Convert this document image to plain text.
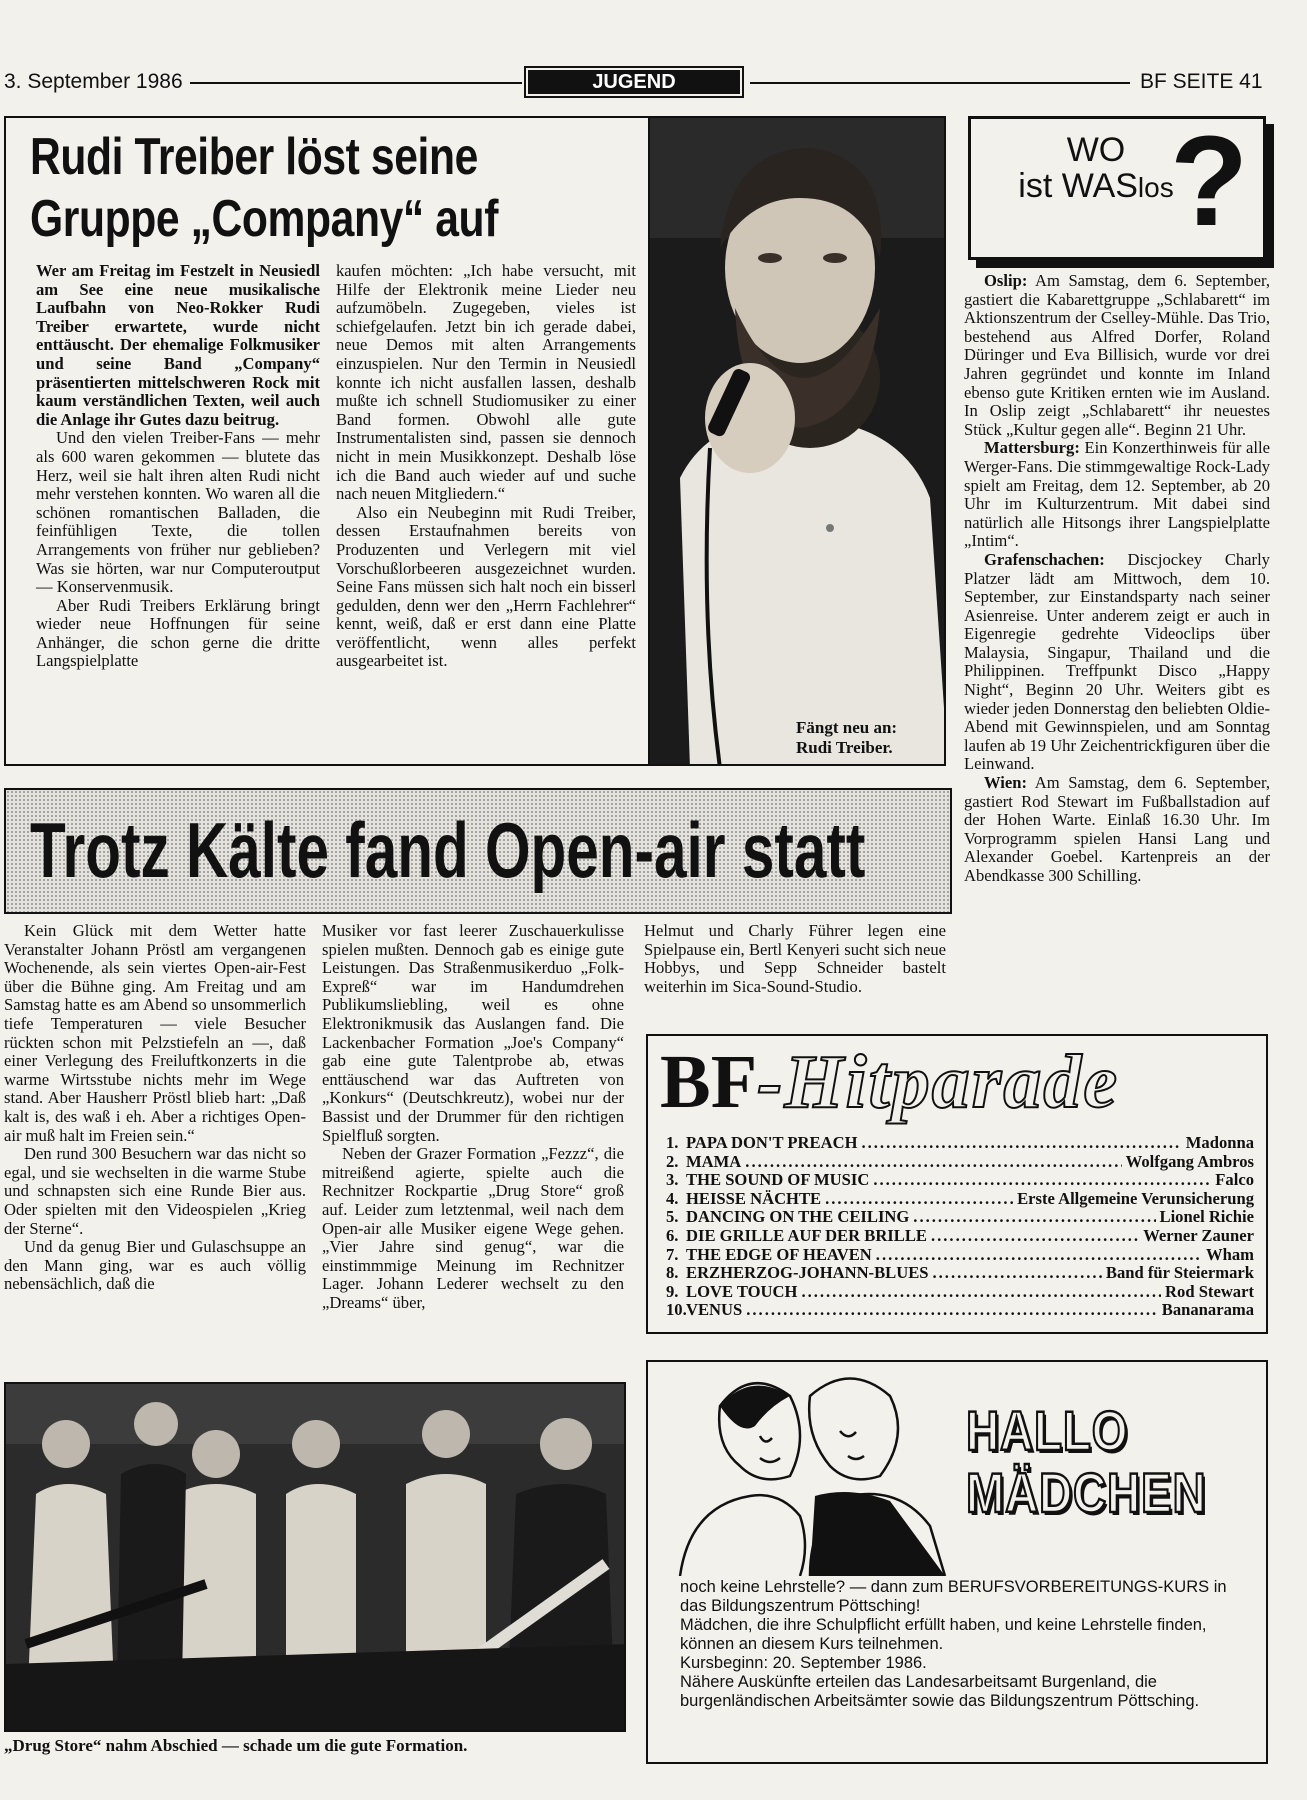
3. September 1986	JUGEND	BF SEITE 41
Rudi Treiber löst seine
Gruppe „Company“ auf

Wer am Freitag im Festzelt in Neusiedl am See eine neue musikalische Laufbahn von Neo-Rokker Rudi Treiber erwartete, wurde nicht enttäuscht. Der ehemalige Folkmusiker und seine Band „Company“ präsentierten mittelschweren Rock mit kaum verständlichen Texten, weil auch die Anlage ihr Gutes dazu beitrug.

Und den vielen Treiber-Fans — mehr als 600 waren gekommen — blutete das Herz, weil sie halt ihren alten Rudi nicht mehr verstehen konnten. Wo waren all die schönen romantischen Balladen, die feinfühligen Texte, die tollen Arrangements von früher nur geblieben? Was sie hörten, war nur Computeroutput — Konservenmusik.

Aber Rudi Treibers Erklärung bringt wieder neue Hoffnungen für seine Anhänger, die schon gerne die dritte Langspielplatte

kaufen möchten: „Ich habe versucht, mit Hilfe der Elektronik meine Lieder neu aufzumöbeln. Zugegeben, vieles ist schiefgelaufen. Jetzt bin ich gerade dabei, neue Demos mit alten Arrangements einzuspielen. Nur den Termin in Neusiedl konnte ich nicht ausfallen lassen, deshalb mußte ich schnell Studiomusiker zu einer Band formen. Obwohl alle gute Instrumentalisten sind, passen sie dennoch nicht in mein Musikkonzept. Deshalb löse ich die Band auch wieder auf und suche nach neuen Mitgliedern.“

Also ein Neubeginn mit Rudi Treiber, dessen Erstaufnahmen bereits von Produzenten und Verlegern mit viel Vorschußlorbeeren ausgezeichnet wurden. Seine Fans müssen sich halt noch ein bisserl gedulden, denn wer den „Herrn Fachlehrer“ kennt, weiß, daß er erst dann eine Platte veröffentlicht, wenn alles perfekt ausgearbeitet ist.

Fängt neu an:
Rudi Treiber.
WO
ist WASlos
?

Oslip: Am Samstag, dem 6. September, gastiert die Kabarettgruppe „Schlabarett“ im Aktionszentrum der Cselley-Mühle. Das Trio, bestehend aus Alfred Dorfer, Roland Düringer und Eva Billisich, wurde vor drei Jahren gegründet und konnte im Inland ebenso gute Kritiken ernten wie im Ausland. In Oslip zeigt „Schlabarett“ ihr neuestes Stück „Kultur gegen alle“. Beginn 21 Uhr.

Mattersburg: Ein Konzerthinweis für alle Werger-Fans. Die stimmgewaltige Rock-Lady spielt am Freitag, dem 12. September, ab 20 Uhr im Kulturzentrum. Mit dabei sind natürlich alle Hitsongs ihrer Langspielplatte „Intim“.

Grafenschachen: Discjockey Charly Platzer lädt am Mittwoch, dem 10. September, zur Einstandsparty nach seiner Asienreise. Unter anderem zeigt er auch in Eigenregie gedrehte Videoclips über Malaysia, Singapur, Thailand und die Philippinen. Treffpunkt Disco „Happy Night“, Beginn 20 Uhr. Weiters gibt es wieder jeden Donnerstag den beliebten Oldie-Abend mit Gewinnspielen, und am Sonntag laufen ab 19 Uhr Zeichentrickfiguren über die Leinwand.

Wien: Am Samstag, dem 6. September, gastiert Rod Stewart im Fußballstadion auf der Hohen Warte. Einlaß 16.30 Uhr. Im Vorprogramm spielen Hansi Lang und Alexander Goebel. Kartenpreis an der Abendkasse 300 Schilling.

Trotz Kälte fand Open-air statt

Kein Glück mit dem Wetter hatte Veranstalter Johann Pröstl am vergangenen Wochenende, als sein viertes Open-air-Fest über die Bühne ging. Am Freitag und am Samstag hatte es am Abend so unsommerlich tiefe Temperaturen — viele Besucher rückten schon mit Pelzstiefeln an —, daß einer Verlegung des Freiluftkonzerts in die warme Wirtsstube nichts mehr im Wege stand. Aber Hausherr Pröstl blieb hart: „Daß kalt is, des waß i eh. Aber a richtiges Open-air muß halt im Freien sein.“

Den rund 300 Besuchern war das nicht so egal, und sie wechselten in die warme Stube und schnapsten sich eine Runde Bier aus. Oder spielten mit den Videospielen „Krieg der Sterne“.

Und da genug Bier und Gulaschsuppe an den Mann ging, war es auch völlig nebensächlich, daß die

Musiker vor fast leerer Zuschauerkulisse spielen mußten. Dennoch gab es einige gute Leistungen. Das Straßenmusikerduo „Folk-Expreß“ war im Handumdrehen Publikumsliebling, weil es ohne Elektronikmusik das Auslangen fand. Die Lackenbacher Formation „Joe's Company“ gab eine gute Talentprobe ab, etwas enttäuschend war das Auftreten von „Konkurs“ (Deutschkreutz), wobei nur der Bassist und der Drummer für den richtigen Spielfluß sorgten.

Neben der Grazer Formation „Fezzz“, die mitreißend agierte, spielte auch die Rechnitzer Rockpartie „Drug Store“ groß auf. Leider zum letztenmal, weil nach dem Open-air alle Musiker eigene Wege gehen. „Vier Jahre sind genug“, war die einstimmmige Meinung im Rechnitzer Lager. Johann Lederer wechselt zu den „Dreams“ über,

Helmut und Charly Führer legen eine Spielpause ein, Bertl Kenyeri sucht sich neue Hobbys, und Sepp Schneider bastelt weiterhin im Sica-Sound-Studio.

„Drug Store“ nahm Abschied — schade um die gute Formation.
BF-Hitparade
1. PAPA DON'T PREACH .....	Madonna
2. MAMA .....	Wolfgang Ambros
3. THE SOUND OF MUSIC .....	Falco
4. HEISSE NÄCHTE .....	Erste Allgemeine Verunsicherung
5. DANCING ON THE CEILING .....	Lionel Richie
6. DIE GRILLE AUF DER BRILLE .....	Werner Zauner
7. THE EDGE OF HEAVEN .....	Wham
8. ERZHERZOG-JOHANN-BLUES .....	Band für Steiermark
9. LOVE TOUCH .....	Rod Stewart
10. VENUS .....	Bananarama
HALLO
MÄDCHEN

noch keine Lehrstelle? — dann zum BERUFSVORBEREITUNGS-KURS in das Bildungszentrum Pöttsching!

Mädchen, die ihre Schulpflicht erfüllt haben, und keine Lehrstelle finden, können an diesem Kurs teilnehmen.

Kursbeginn: 20. September 1986.

Nähere Auskünfte erteilen das Landesarbeitsamt Burgenland, die burgenländischen Arbeitsämter sowie das Bildungszentrum Pöttsching.
